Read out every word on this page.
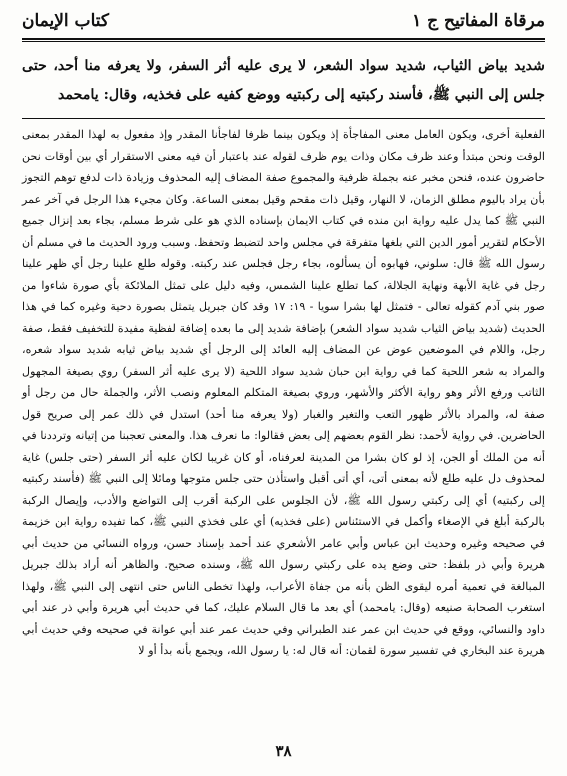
مرقاة المفاتيح ج ١
كتاب الإيمان
شديد بياض الثياب، شديد سواد الشعر، لا يرى عليه أثر السفر، ولا يعرفه منا أحد، حتى جلس إلى النبي ﷺ، فأسند ركبتيه إلى ركبتيه ووضع كفيه على فخذيه، وقال: يامحمد

الفعلية أخرى، ويكون العامل معنى المفاجأة إذ ويكون بينما ظرفا لفاجأنا المقدر وإذ مفعول به لهذا المقدر بمعنى الوقت ونحن مبتدأ وعند ظرف مكان وذات يوم ظرف لقوله عند باعتبار أن فيه معنى الاستقرار أي بين أوقات نحن حاضرون عنده، فنحن مخبر عنه بجملة ظرفية والمجموع صفة المضاف إليه المحذوف وزيادة ذات لدفع توهم التجوز بأن يراد باليوم مطلق الزمان، لا النهار، وقيل ذات مقحم وقيل بمعنى الساعة. وكان مجيء هذا الرجل في آخر عمر النبي ﷺ كما يدل عليه رواية ابن منده في كتاب الايمان بإسناده الذي هو على شرط مسلم، بجاء بعد إنزال جميع الأحكام لتقرير أمور الدين التي بلغها متفرقة في مجلس واحد لتضبط وتحفظ. وسبب ورود الحديث ما في مسلم أن رسول الله ﷺ قال: سلوني، فهابوه أن يسألوه، بجاء رجل فجلس عند ركبته. وقوله طلع علينا رجل أي ظهر علينا رجل في غاية الأبهة ونهاية الجلالة، كما تطلع علينا الشمس، وفيه دليل على تمثل الملائكة بأي صورة شاءوا من صور بني آدم كقوله تعالى - فتمثل لها بشرا سويا - ١٩: ١٧ وقد كان جبريل يتمثل بصورة دحية وغيره كما في هذا الحديث (شديد بياض الثياب شديد سواد الشعر) بإضافة شديد إلى ما بعده إضافة لفظية مفيدة للتخفيف فقط، صفة رجل، واللام في الموضعين عوض عن المضاف إليه العائد إلى الرجل أي شديد بياض ثيابه شديد سواد شعره، والمراد به شعر اللحية كما في رواية ابن حبان شديد سواد اللحية (لا يرى عليه أثر السفر) روي بصيغة المجهول الثاتب ورفع الأثر وهو رواية الأكثر والأشهر، وروي بصيغة المتكلم المعلوم ونصب الأثر، والجملة حال من رجل أو صفة له، والمراد بالأثر ظهور التعب والتغير والغبار (ولا يعرفه منا أحد) استدل في ذلك عمر إلى صريح قول الحاضرين. في رواية لأحمد: نظر القوم بعضهم إلى بعض فقالوا: ما نعرف هذا. والمعنى تعجبنا من إتيانه وترددنا في أنه من الملك أو الجن، إذ لو كان بشرا من المدينة لعرفناه، أو كان غريبا لكان عليه أثر السفر (حتى جلس) غاية لمحذوف دل عليه طلع لأنه بمعنى أتى، أي أتى أقبل واستأذن حتى جلس متوجها ومائلا إلى النبي ﷺ (فأسند ركبتيه إلى ركبتيه) أي إلى ركبتي رسول الله ﷺ، لأن الجلوس على الركبة أقرب إلى التواضع والأدب، وإيصال الركبة بالركبة أبلغ في الإصغاء وأكمل في الاستئناس (على فخذيه) أي على فخذي النبي ﷺ، كما تفيده رواية ابن خزيمة في صحيحه وغيره وحديث ابن عباس وأبي عامر الأشعري عند أحمد بإسناد حسن، ورواه النسائي من حديث أبي هريرة وأبي ذر بلفظ: حتى وضع يده على ركبتي رسول الله ﷺ، وسنده صحيح. والظاهر أنه أراد بذلك جبريل المبالغة في تعمية أمره ليقوى الظن بأنه من جفاة الأعراب، ولهذا تخطى الناس حتى انتهى إلى النبي ﷺ، ولهذا استغرب الصحابة صنيعه (وقال: يامحمد) أي بعد ما قال السلام عليك، كما في حديث أبي هريرة وأبي ذر عند أبي داود والنسائي، ووقع في حديث ابن عمر عند الطبراني وفي حديث عمر عند أبي عوانة في صحيحه وفي حديث أبي هريرة عند البخاري في تفسير سورة لقمان: أنه قال له: يا رسول الله، ويجمع بأنه بدأ أو لا

٣٨
